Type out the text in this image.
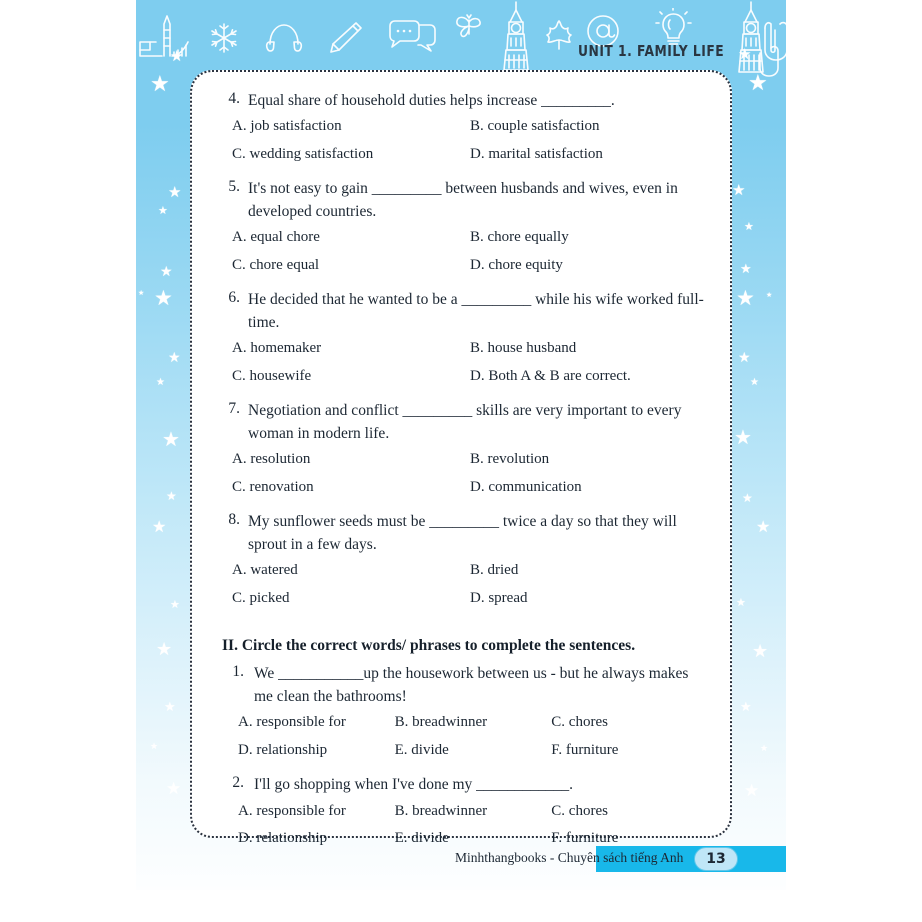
★
★
★
★
★
★
★
★
★
★
★
★
★
★
★
★
★
★
★
★
★
★
★ ★
★
★
★
★
★
★
★
★
★
★
UNIT 1. FAMILY LIFE
4. Equal share of household duties helps increase _________.
A. job satisfaction	B. couple satisfaction
C. wedding satisfaction	D. marital satisfaction
5. It's not easy to gain _________ between husbands and wives, even in developed countries.
A. equal chore	B. chore equally
C. chore equal	D. chore equity
6. He decided that he wanted to be a _________ while his wife worked full-time.
A. homemaker	B. house husband
C. housewife	D. Both A & B are correct.
7. Negotiation and conflict _________ skills are very important to every woman in modern life.
A. resolution	B. revolution
C. renovation	D. communication
8. My sunflower seeds must be _________ twice a day so that they will sprout in a few days.
A. watered	B. dried
C. picked	D. spread
II. Circle the correct words/ phrases to complete the sentences.
1. We ___________up the housework between us - but he always makes me clean the bathrooms!
A. responsible for	B. breadwinner	C. chores
D. relationship	E. divide	F. furniture
2. I'll go shopping when I've done my ____________.
A. responsible for	B. breadwinner	C. chores
D. relationship	E. divide	F. furniture
Minhthangbooks - Chuyên sách tiếng Anh	13
